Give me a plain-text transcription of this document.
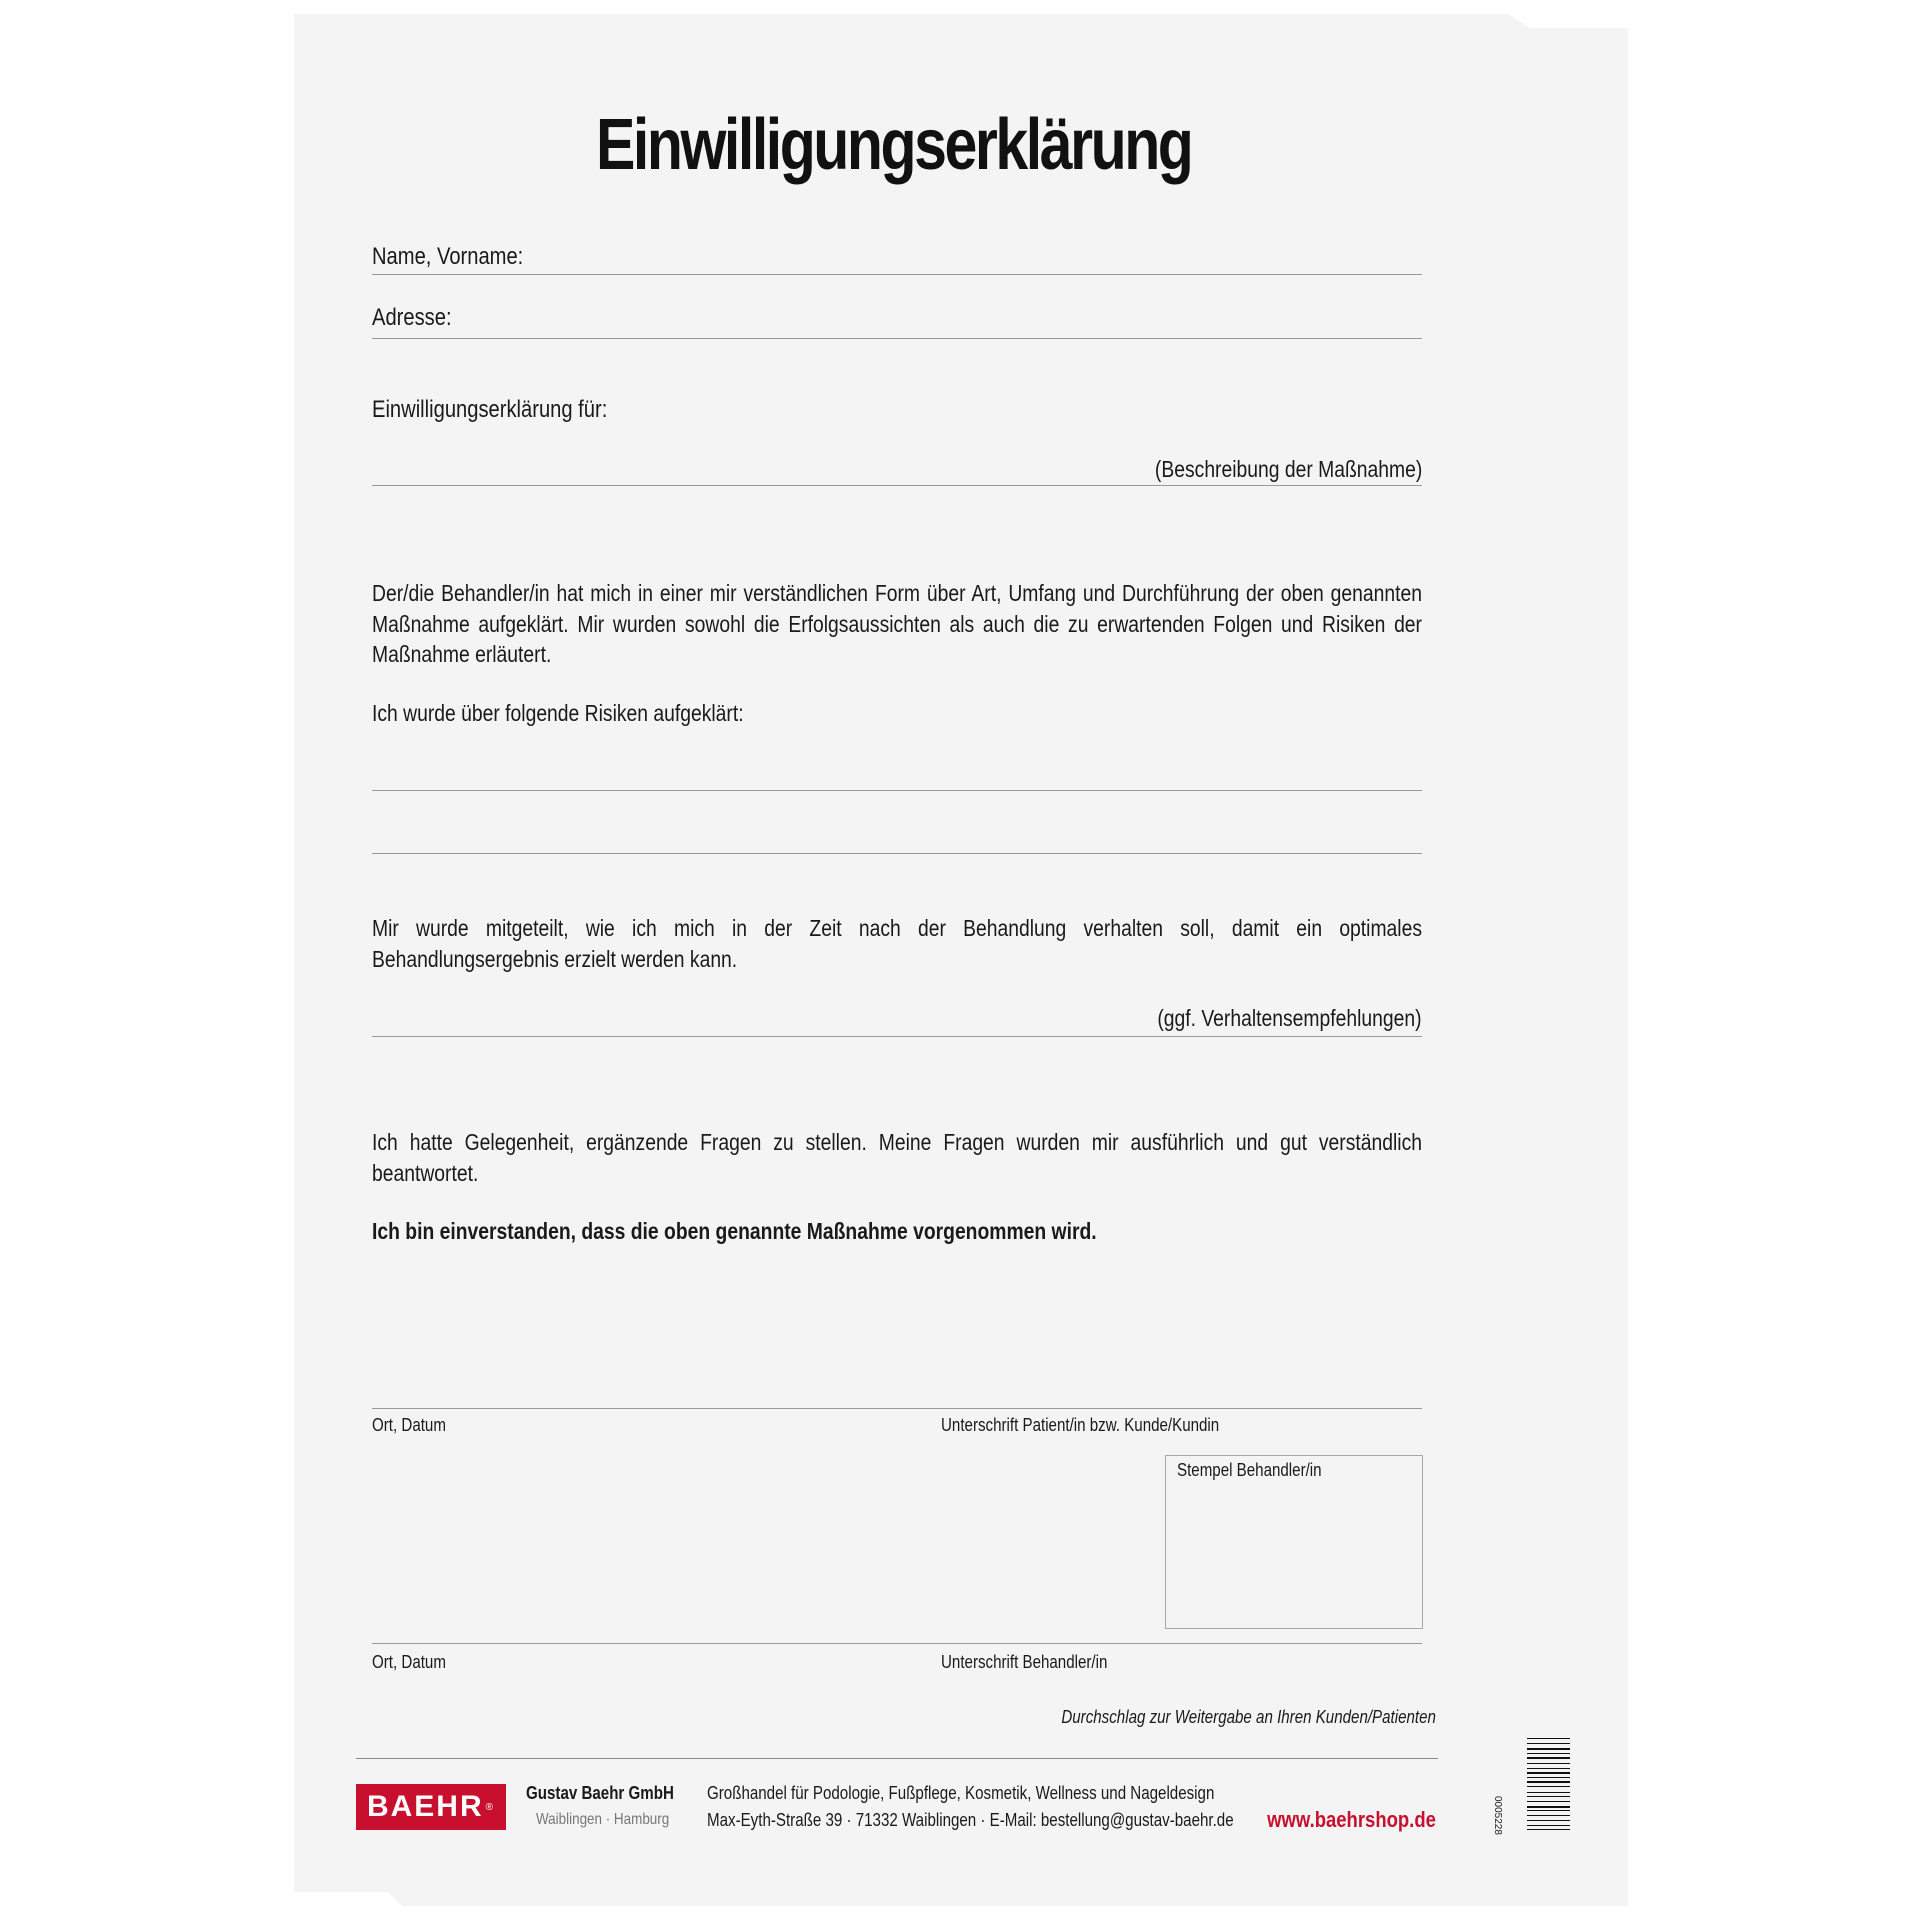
Einwilligungserklärung
Name, Vorname:
Adresse:
Einwilligungserklärung für:
(Beschreibung der Maßnahme)
Der/die Behandler/in hat mich in einer mir verständlichen Form über Art, Umfang und Durchführung der oben genannten Maßnahme aufgeklärt. Mir wurden sowohl die Erfolgsaussichten als auch die zu erwartenden Folgen und Risiken der Maßnahme erläutert.
Ich wurde über folgende Risiken aufgeklärt:
Mir wurde mitgeteilt, wie ich mich in der Zeit nach der Behandlung verhalten soll, damit ein optimales Behandlungsergebnis erzielt werden kann.
(ggf. Verhaltensempfehlungen)
Ich hatte Gelegenheit, ergänzende Fragen zu stellen. Meine Fragen wurden mir ausführlich und gut verständlich beantwortet.
Ich bin einverstanden, dass die oben genannte Maßnahme vorgenommen wird.
Ort, Datum	Unterschrift Patient/in bzw. Kunde/Kundin
Stempel Behandler/in
Ort, Datum	Unterschrift Behandler/in
Durchschlag zur Weitergabe an Ihren Kunden/Patienten
BAEHR ®
Gustav Baehr GmbH
Waiblingen · Hamburg
Großhandel für Podologie, Fußpflege, Kosmetik, Wellness und Nageldesign
Max-Eyth-Straße 39 · 71332 Waiblingen · E-Mail: bestellung@gustav-baehr.de www.baehrshop.de	0005228
